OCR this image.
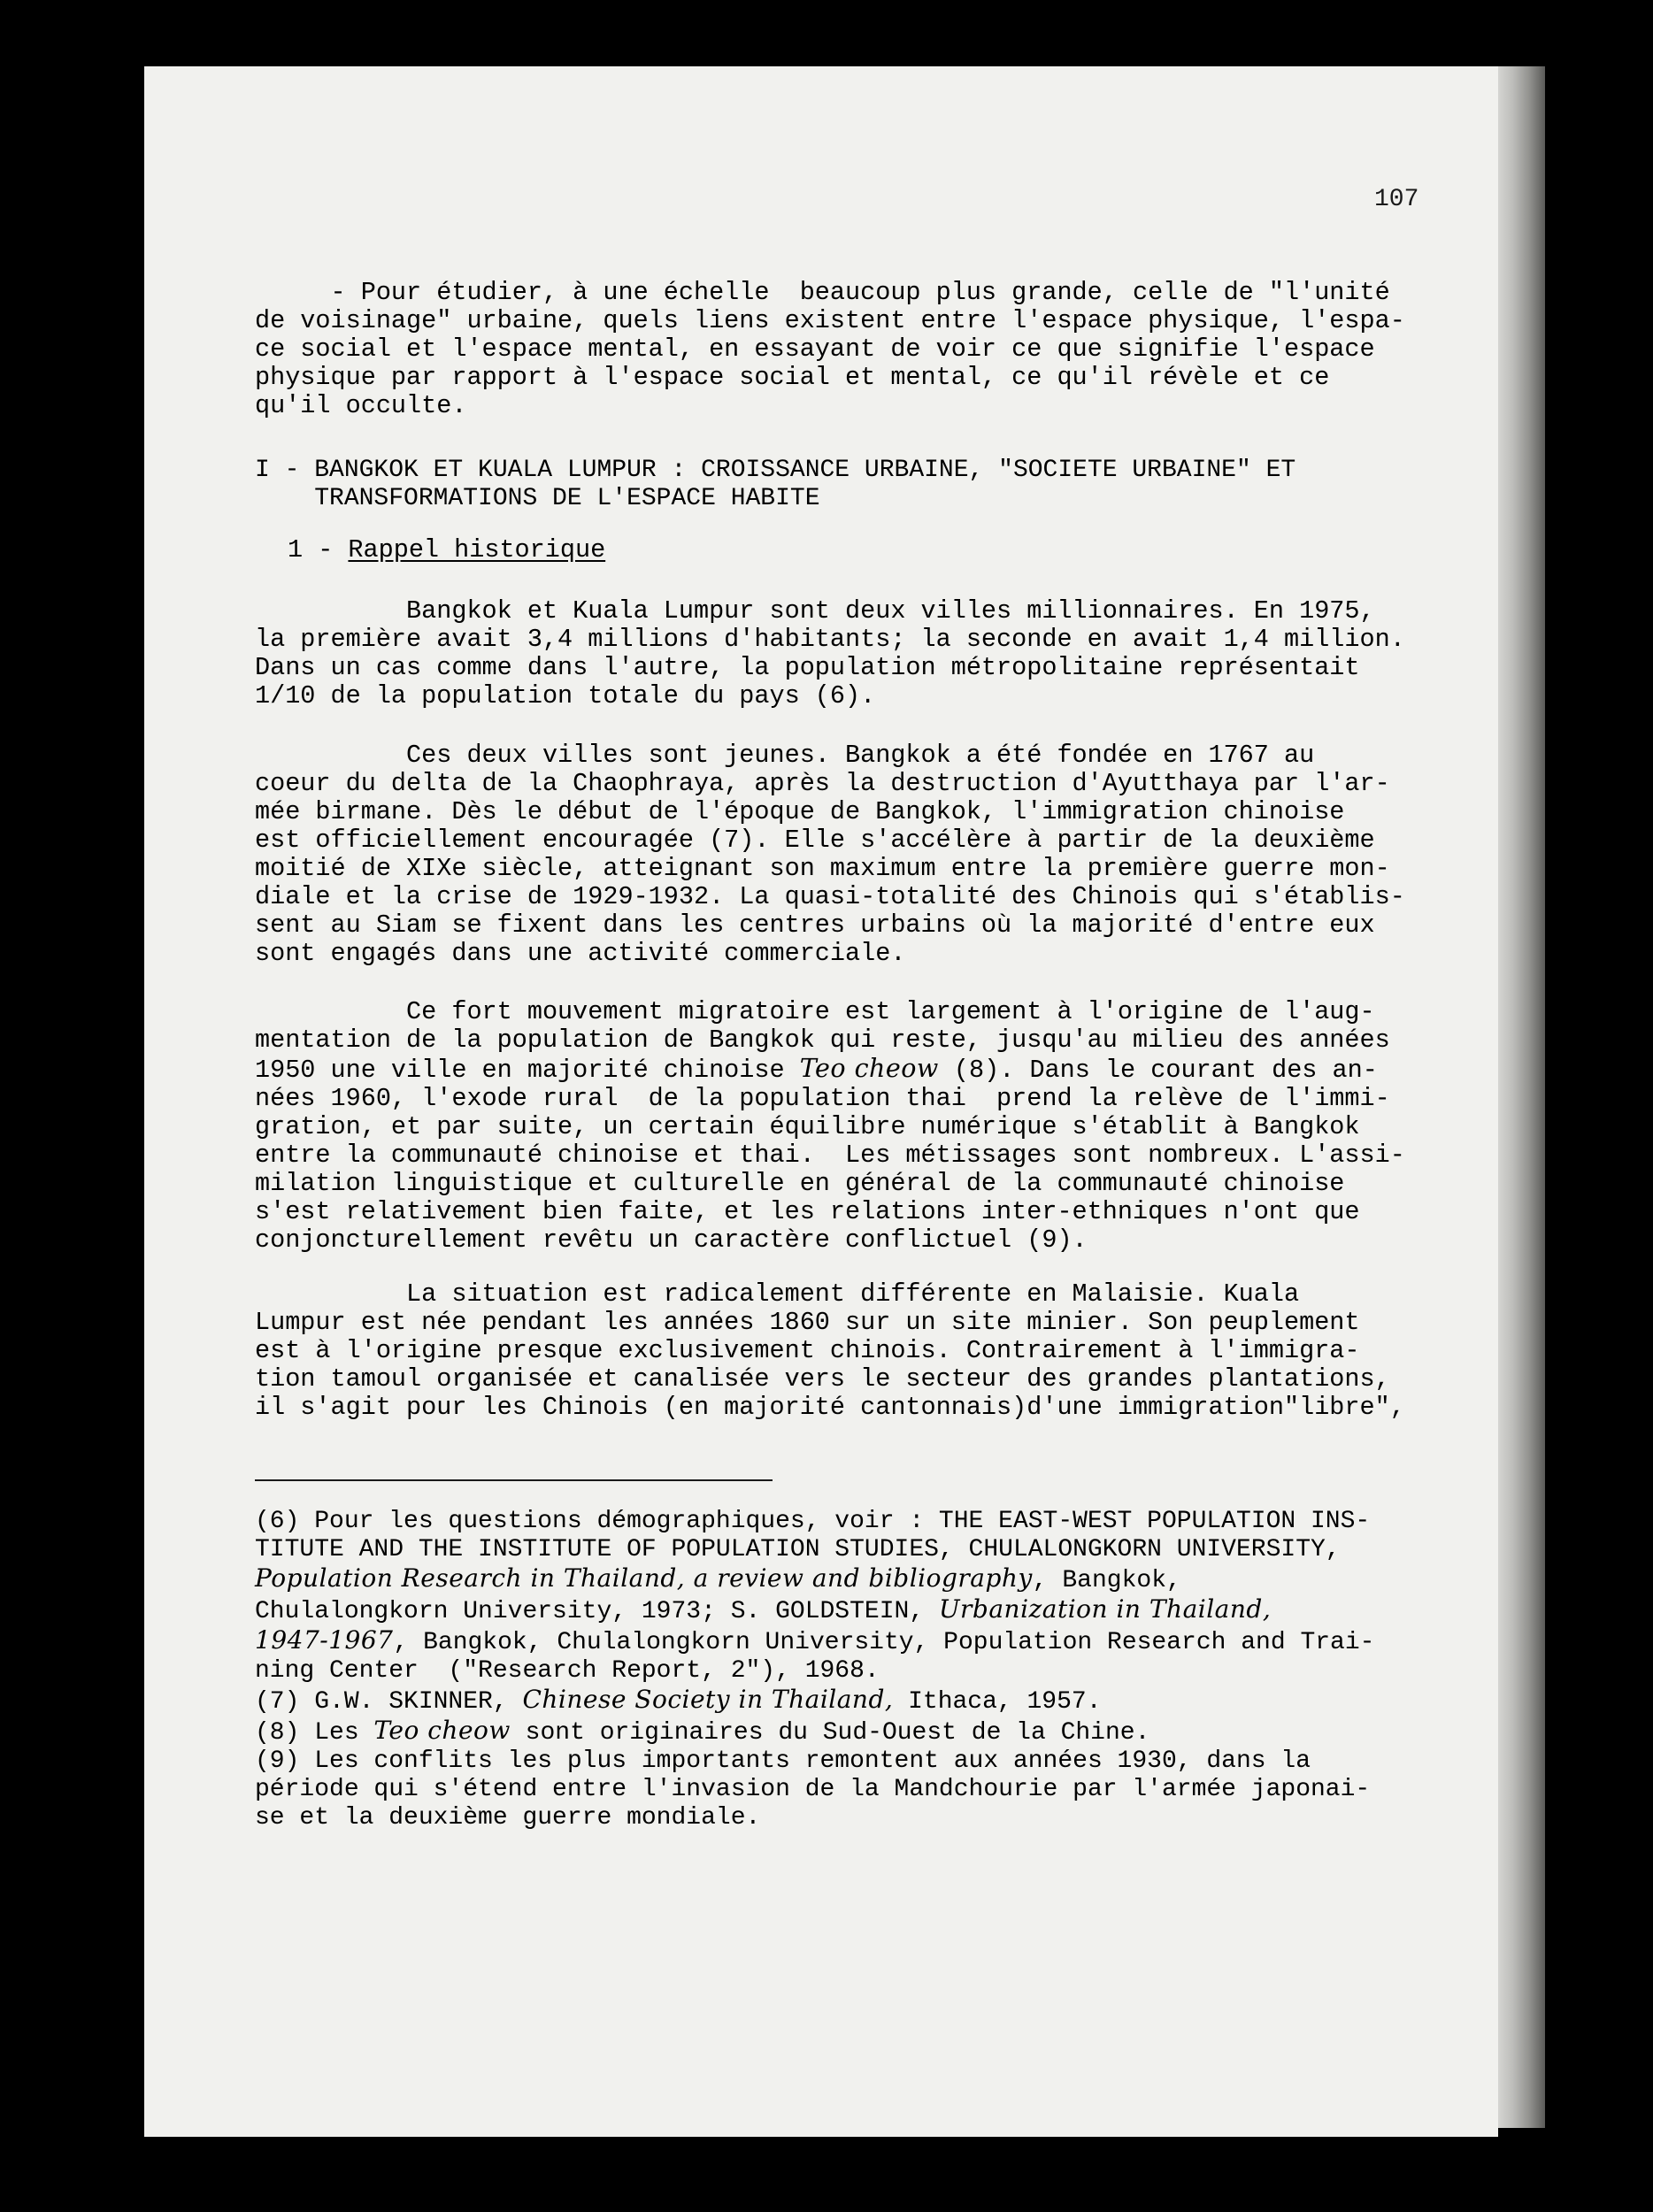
107

- Pour étudier, à une échelle  beaucoup plus grande, celle de "l'unité

de voisinage" urbaine, quels liens existent entre l'espace physique, l'espa-

ce social et l'espace mental, en essayant de voir ce que signifie l'espace

physique par rapport à l'espace social et mental, ce qu'il révèle et ce

qu'il occulte.

I - BANGKOK ET KUALA LUMPUR : CROISSANCE URBAINE, "SOCIETE URBAINE" ET
TRANSFORMATIONS DE L'ESPACE HABITE
1 - Rappel historique

Bangkok et Kuala Lumpur sont deux villes millionnaires. En 1975,

la première avait 3,4 millions d'habitants; la seconde en avait 1,4 million.

Dans un cas comme dans l'autre, la population métropolitaine représentait

1/10 de la population totale du pays (6).

Ces deux villes sont jeunes. Bangkok a été fondée en 1767 au

coeur du delta de la Chaophraya, après la destruction d'Ayutthaya par l'ar-

mée birmane. Dès le début de l'époque de Bangkok, l'immigration chinoise

est officiellement encouragée (7). Elle s'accélère à partir de la deuxième

moitié de XIXe siècle, atteignant son maximum entre la première guerre mon-

diale et la crise de 1929-1932. La quasi-totalité des Chinois qui s'établis-

sent au Siam se fixent dans les centres urbains où la majorité d'entre eux

sont engagés dans une activité commerciale.

Ce fort mouvement migratoire est largement à l'origine de l'aug-

mentation de la population de Bangkok qui reste, jusqu'au milieu des années

1950 une ville en majorité chinoise Teo cheow (8). Dans le courant des an-

nées 1960, l'exode rural  de la population thai  prend la relève de l'immi-

gration, et par suite, un certain équilibre numérique s'établit à Bangkok

entre la communauté chinoise et thai.  Les métissages sont nombreux. L'assi-

milation linguistique et culturelle en général de la communauté chinoise

s'est relativement bien faite, et les relations inter-ethniques n'ont que

conjoncturellement revêtu un caractère conflictuel (9).

La situation est radicalement différente en Malaisie. Kuala

Lumpur est née pendant les années 1860 sur un site minier. Son peuplement

est à l'origine presque exclusivement chinois. Contrairement à l'immigra-

tion tamoul organisée et canalisée vers le secteur des grandes plantations,

il s'agit pour les Chinois (en majorité cantonnais)d'une immigration"libre",

(6) Pour les questions démographiques, voir : THE EAST-WEST POPULATION INS-

TITUTE AND THE INSTITUTE OF POPULATION STUDIES, CHULALONGKORN UNIVERSITY,

Population Research in Thailand, a review and bibliography, Bangkok,

Chulalongkorn University, 1973; S. GOLDSTEIN, Urbanization in Thailand,

1947-1967, Bangkok, Chulalongkorn University, Population Research and Trai-

ning Center  ("Research Report, 2"), 1968.

(7) G.W. SKINNER, Chinese Society in Thailand, Ithaca, 1957.

(8) Les Teo cheow sont originaires du Sud-Ouest de la Chine.

(9) Les conflits les plus importants remontent aux années 1930, dans la

période qui s'étend entre l'invasion de la Mandchourie par l'armée japonai-

se et la deuxième guerre mondiale.
